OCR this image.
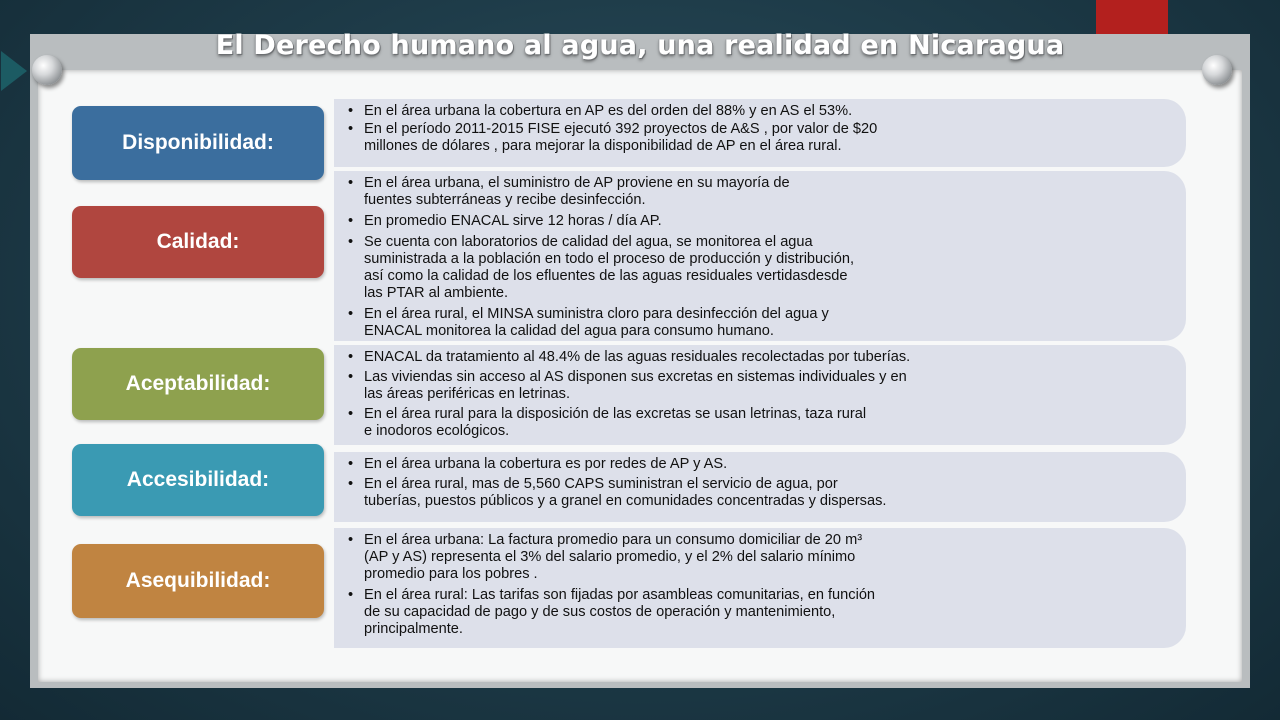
El Derecho humano al agua, una realidad en Nicaragua
Disponibilidad:
• En el área urbana la cobertura en AP es del orden del 88% y en AS el 53%.
• En el período 2011-2015 FISE ejecutó 392 proyectos de A&S , por valor de $20
millones de dólares , para mejorar la disponibilidad de AP en el área rural.
Calidad:
• En el área urbana, el suministro de AP proviene en su mayoría de
fuentes subterráneas y recibe desinfección.
• En promedio ENACAL sirve 12 horas / día AP.
• Se cuenta con laboratorios de calidad del agua, se monitorea el agua
suministrada a la población en todo el proceso de producción y distribución,
así como la calidad de los efluentes de las aguas residuales vertidasdesde
las PTAR al ambiente.
• En el área rural, el MINSA suministra cloro para desinfección del agua y
ENACAL monitorea la calidad del agua para consumo humano.
Aceptabilidad:
• ENACAL da tratamiento al 48.4% de las aguas residuales recolectadas por tuberías.
• Las viviendas sin acceso al AS disponen sus excretas en sistemas individuales y en
las áreas periféricas en letrinas.
• En el área rural para la disposición de las excretas se usan letrinas, taza rural
e inodoros ecológicos.
Accesibilidad:
• En el área urbana la cobertura es por redes de AP y AS.
• En el área rural, mas de 5,560 CAPS suministran el servicio de agua, por
tuberías, puestos públicos y a granel en comunidades concentradas y dispersas.
Asequibilidad:
• En el área urbana: La factura promedio para un consumo domiciliar de 20 m³
(AP y AS) representa el 3% del salario promedio, y el 2% del salario mínimo
promedio para los pobres .
• En el área rural: Las tarifas son fijadas por asambleas comunitarias, en función
de su capacidad de pago y de sus costos de operación y mantenimiento,
principalmente.
